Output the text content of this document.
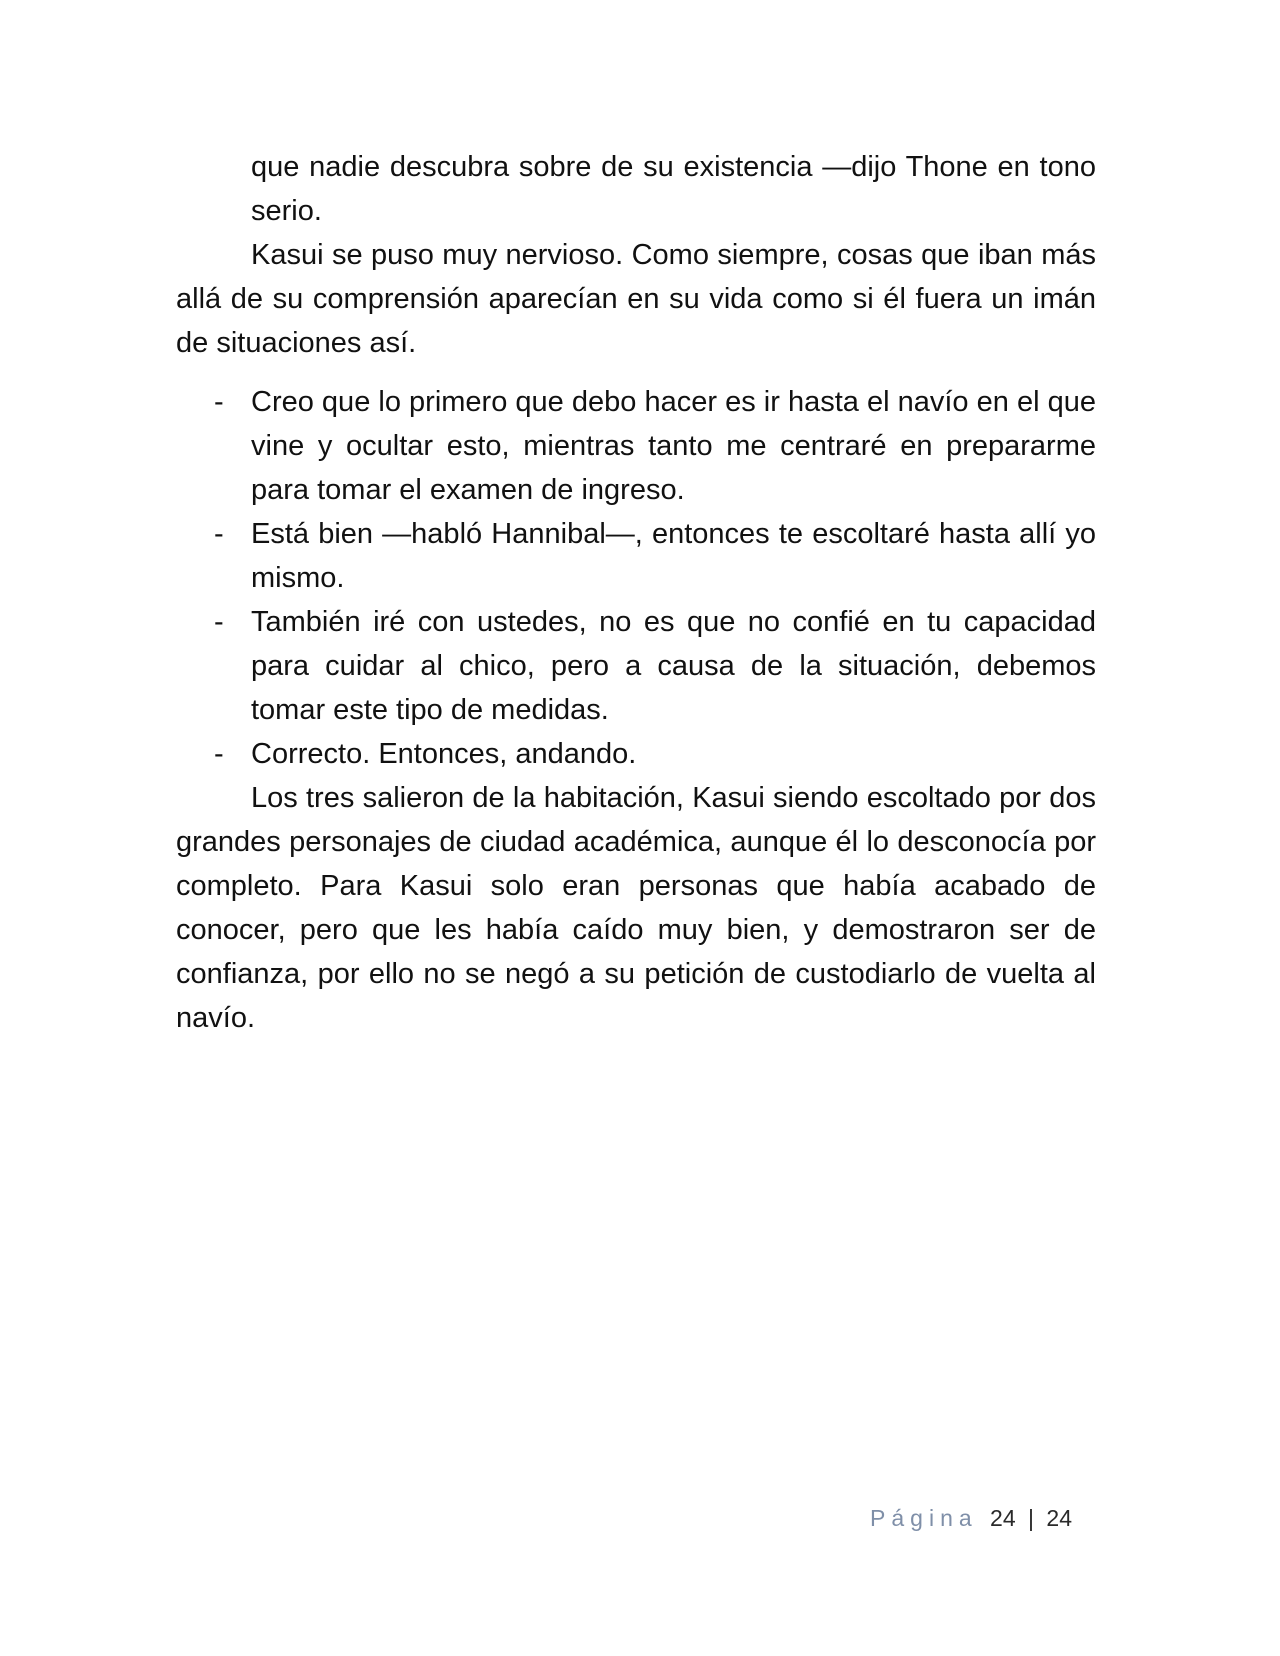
que nadie descubra sobre de su existencia —dijo Thone en tono serio.

Kasui se puso muy nervioso. Como siempre, cosas que iban más allá de su comprensión aparecían en su vida como si él fuera un imán de situaciones así.

- Creo que lo primero que debo hacer es ir hasta el navío en el que vine y ocultar esto, mientras tanto me centraré en prepararme para tomar el examen de ingreso.
- Está bien —habló Hannibal—, entonces te escoltaré hasta allí yo mismo.
- También iré con ustedes, no es que no confié en tu capacidad para cuidar al chico, pero a causa de la situación, debemos tomar este tipo de medidas.
- Correcto. Entonces, andando.

Los tres salieron de la habitación, Kasui siendo escoltado por dos grandes personajes de ciudad académica, aunque él lo desconocía por completo. Para Kasui solo eran personas que había acabado de conocer, pero que les había caído muy bien, y demostraron ser de confianza, por ello no se negó a su petición de custodiarlo de vuelta al navío.

Página 24 | 24
